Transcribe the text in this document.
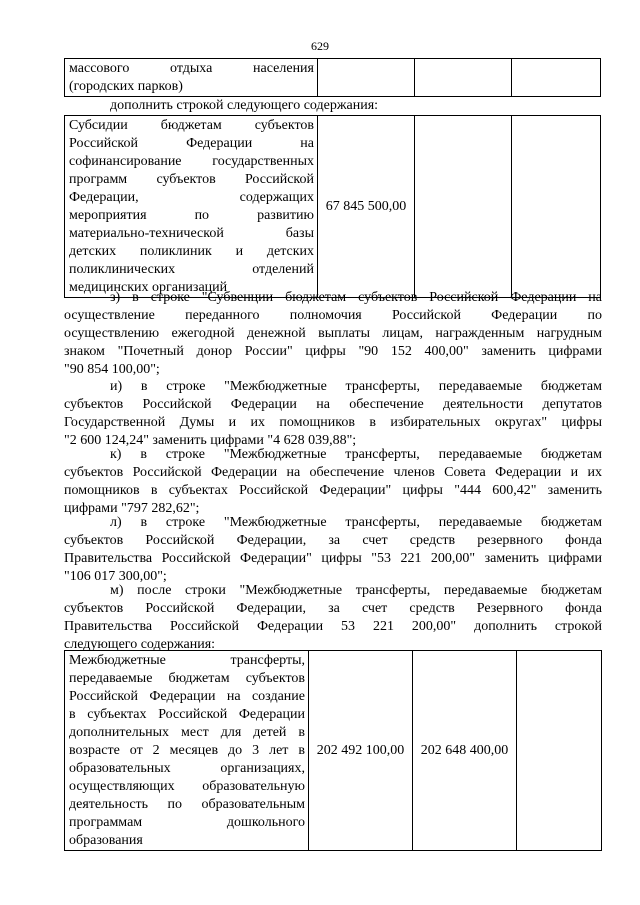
629
массового отдыха населения
(городских парков)

дополнить строкой следующего содержания:
Субсидии бюджетам субъектов
Российской Федерации на
софинансирование государственных
программ субъектов Российской
Федерации, содержащих
мероприятия по развитию
материально-технической базы
детских поликлиник и детских
поликлинических отделений
медицинских организаций
	67 845 500,00		
з) в строке "Субвенции бюджетам субъектов Российской Федерации на
осуществление переданного полномочия Российской Федерации по
осуществлению ежегодной денежной выплаты лицам, награжденным нагрудным
знаком "Почетный донор России" цифры "90 152 400,00" заменить цифрами
"90 854 100,00";
и) в строке "Межбюджетные трансферты, передаваемые бюджетам
субъектов Российской Федерации на обеспечение деятельности депутатов
Государственной Думы и их помощников в избирательных округах" цифры
"2 600 124,24" заменить цифрами "4 628 039,88";
к) в строке "Межбюджетные трансферты, передаваемые бюджетам
субъектов Российской Федерации на обеспечение членов Совета Федерации и их
помощников в субъектах Российской Федерации" цифры "444 600,42" заменить
цифрами "797 282,62";
л) в строке "Межбюджетные трансферты, передаваемые бюджетам
субъектов Российской Федерации, за счет средств резервного фонда
Правительства Российской Федерации" цифры "53 221 200,00" заменить цифрами
"106 017 300,00";
м) после строки "Межбюджетные трансферты, передаваемые бюджетам
субъектов Российской Федерации, за счет средств Резервного фонда
Правительства Российской Федерации 53 221 200,00" дополнить строкой
следующего содержания:
Межбюджетные трансферты,
передаваемые бюджетам субъектов
Российской Федерации на создание
в субъектах Российской Федерации
дополнительных мест для детей в
возрасте от 2 месяцев до 3 лет в
образовательных организациях,
осуществляющих образовательную
деятельность по образовательным
программам дошкольного
образования
	202 492 100,00	202 648 400,00	
